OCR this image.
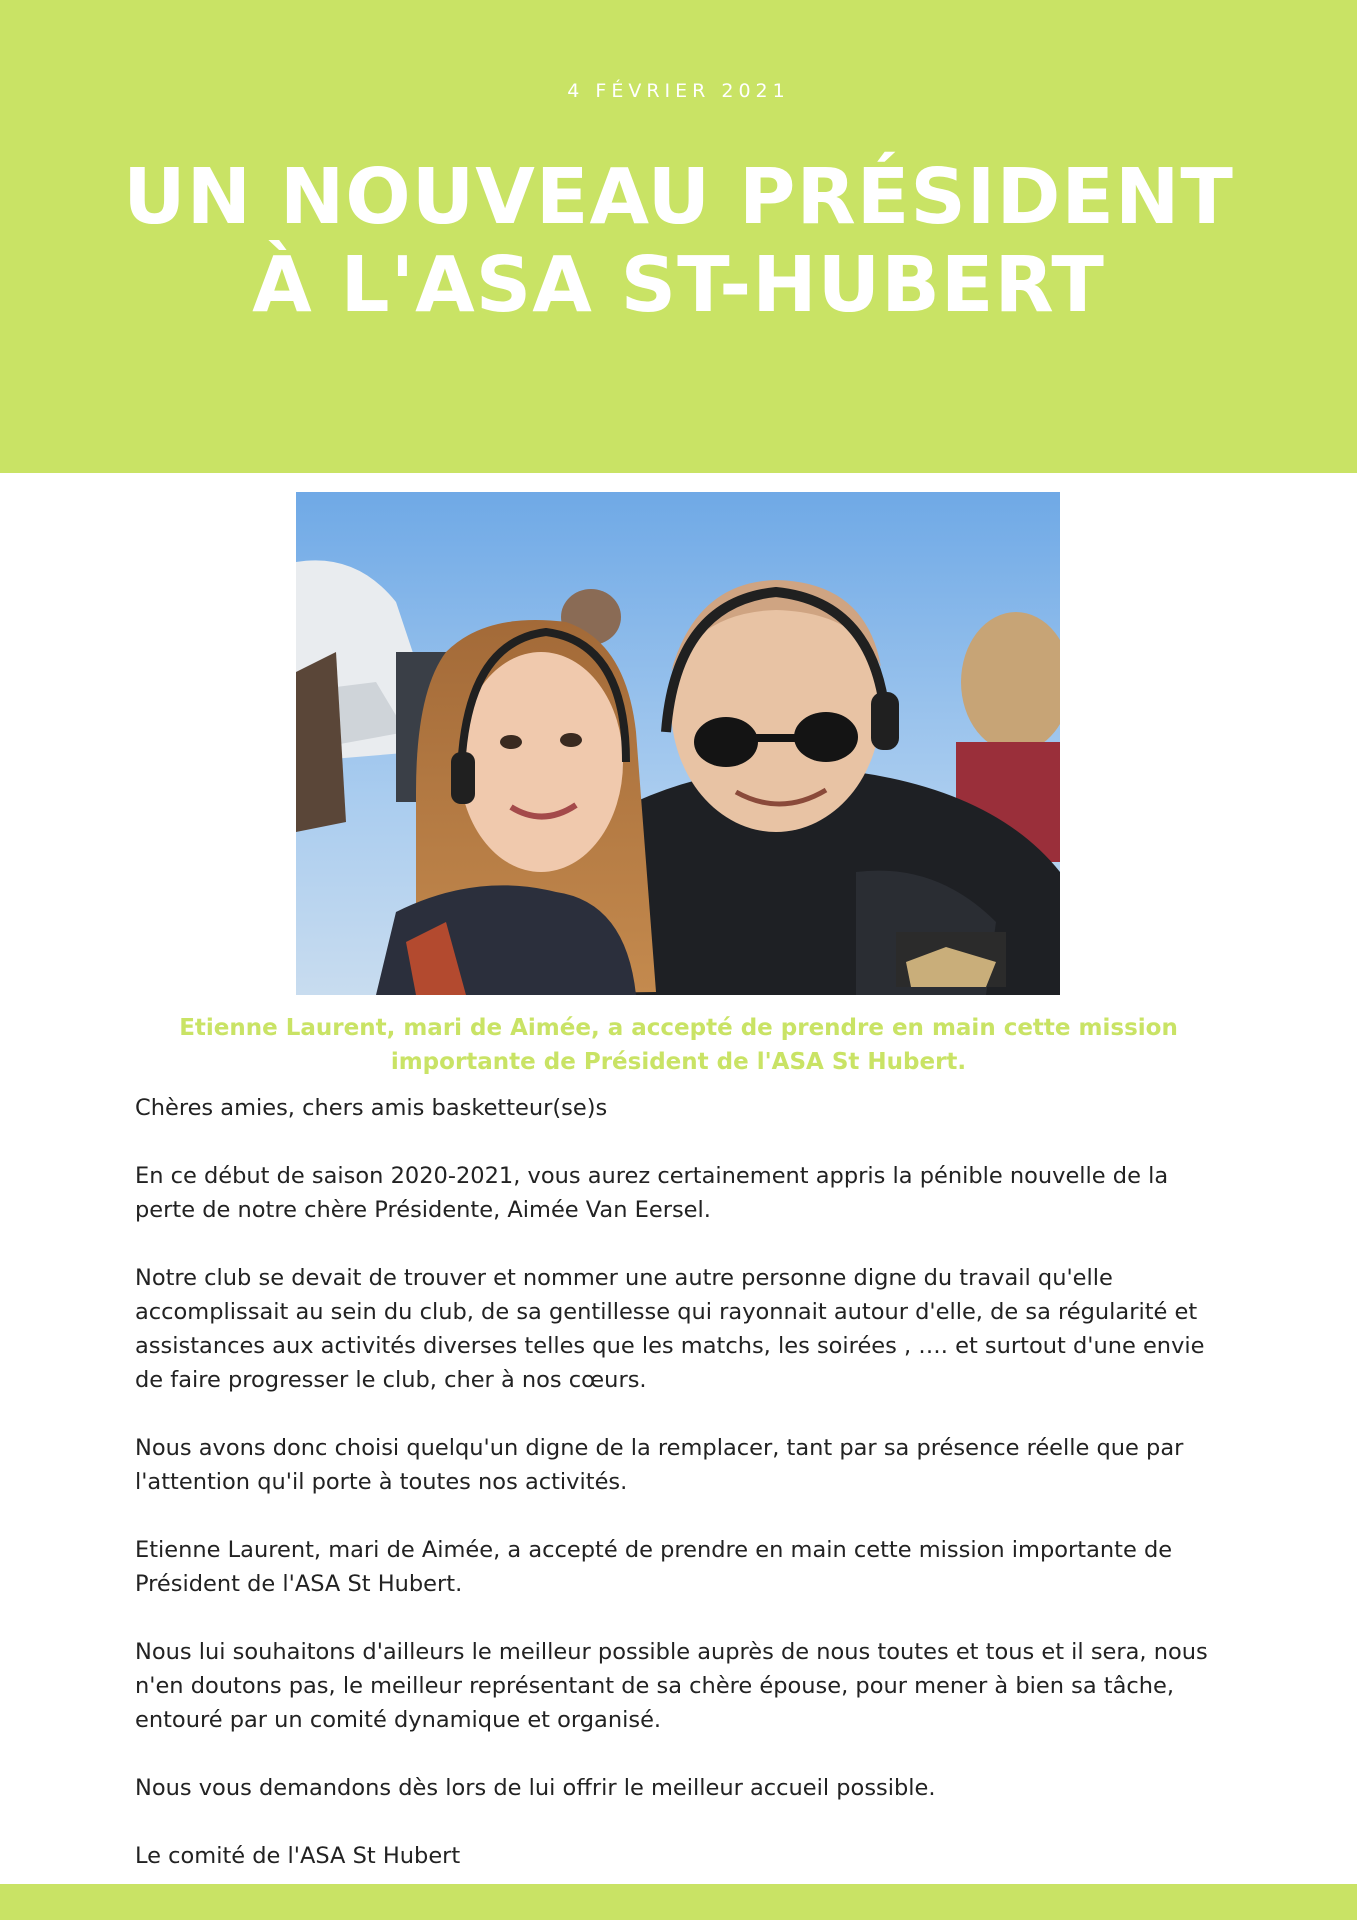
4 FÉVRIER 2021
UN NOUVEAU PRÉSIDENT
À L'ASA ST-HUBERT
Etienne Laurent, mari de Aimée, a accepté de prendre en main cette mission importante de Président de l'ASA St Hubert.

Chères amies, chers amis basketteur(se)s

En ce début de saison 2020-2021, vous aurez certainement appris la pénible nouvelle de la perte de notre chère Présidente, Aimée Van Eersel.

Notre club se devait de trouver et nommer une autre personne digne du travail qu'elle accomplissait au sein du club, de sa gentillesse qui rayonnait autour d'elle, de sa régularité et assistances aux activités diverses telles que les matchs, les soirées , …. et surtout d'une envie de faire progresser le club, cher à nos cœurs.

Nous avons donc choisi quelqu'un digne de la remplacer, tant par sa présence réelle que par l'attention qu'il porte à toutes nos activités.

Etienne Laurent, mari de Aimée, a accepté de prendre en main cette mission importante de Président de l'ASA St Hubert.

Nous lui souhaitons d'ailleurs le meilleur possible auprès de nous toutes et tous et il sera, nous n'en doutons pas, le meilleur représentant de sa chère épouse, pour mener à bien sa tâche, entouré par un comité dynamique et organisé.

Nous vous demandons dès lors de lui offrir le meilleur accueil possible.

Le comité de l'ASA St Hubert
